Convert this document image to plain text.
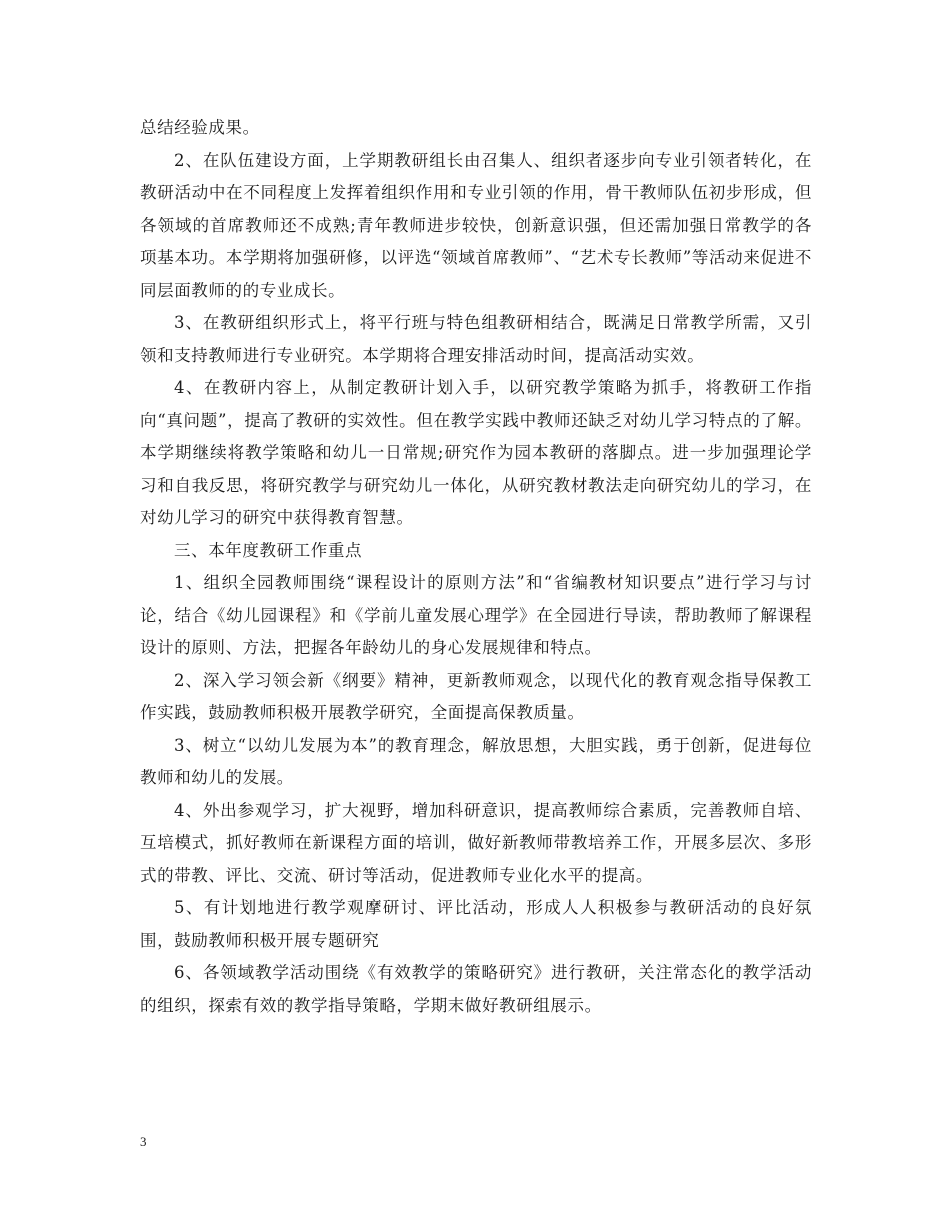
总结经验成果。

2、在队伍建设方面，上学期教研组长由召集人、组织者逐步向专业引领者转化，在教研活动中在不同程度上发挥着组织作用和专业引领的作用，骨干教师队伍初步形成，但各领域的首席教师还不成熟;青年教师进步较快，创新意识强，但还需加强日常教学的各项基本功。本学期将加强研修，以评选“领域首席教师”、“艺术专长教师”等活动来促进不同层面教师的的专业成长。

3、在教研组织形式上，将平行班与特色组教研相结合，既满足日常教学所需，又引领和支持教师进行专业研究。本学期将合理安排活动时间，提高活动实效。

4、在教研内容上，从制定教研计划入手，以研究教学策略为抓手，将教研工作指向“真问题”，提高了教研的实效性。但在教学实践中教师还缺乏对幼儿学习特点的了解。本学期继续将教学策略和幼儿一日常规;研究作为园本教研的落脚点。进一步加强理论学习和自我反思，将研究教学与研究幼儿一体化，从研究教材教法走向研究幼儿的学习，在对幼儿学习的研究中获得教育智慧。

三、本年度教研工作重点

1、组织全园教师围绕“课程设计的原则方法”和“省编教材知识要点”进行学习与讨论，结合《幼儿园课程》和《学前儿童发展心理学》在全园进行导读，帮助教师了解课程设计的原则、方法，把握各年龄幼儿的身心发展规律和特点。

2、深入学习领会新《纲要》精神，更新教师观念，以现代化的教育观念指导保教工作实践，鼓励教师积极开展教学研究，全面提高保教质量。

3、树立“以幼儿发展为本”的教育理念，解放思想，大胆实践，勇于创新，促进每位教师和幼儿的发展。

4、外出参观学习，扩大视野，增加科研意识，提高教师综合素质，完善教师自培、互培模式，抓好教师在新课程方面的培训，做好新教师带教培养工作，开展多层次、多形式的带教、评比、交流、研讨等活动，促进教师专业化水平的提高。

5、有计划地进行教学观摩研讨、评比活动，形成人人积极参与教研活动的良好氛围，鼓励教师积极开展专题研究

6、各领域教学活动围绕《有效教学的策略研究》进行教研，关注常态化的教学活动的组织，探索有效的教学指导策略，学期末做好教研组展示。

3
